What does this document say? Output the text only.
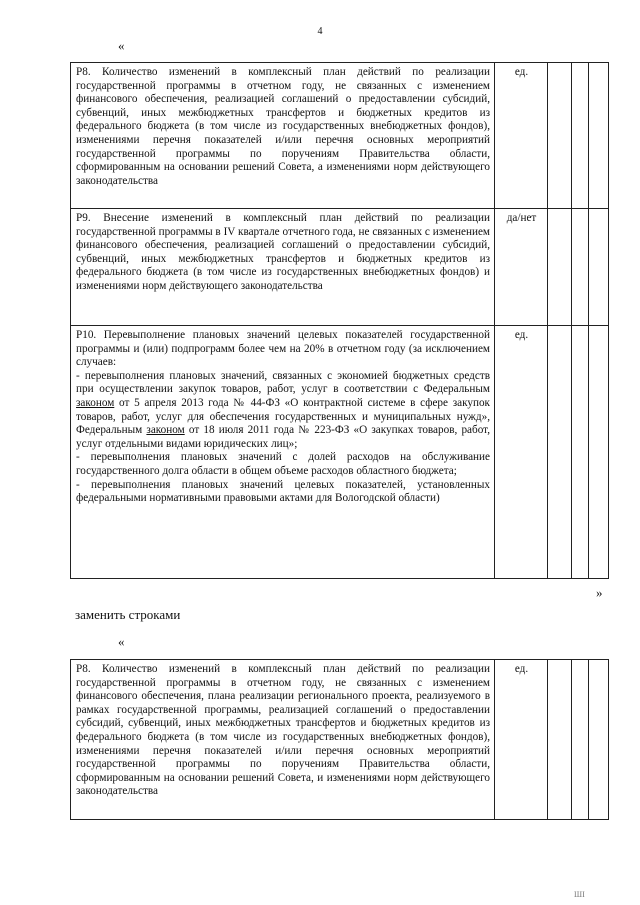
4
«
Р8. Количество изменений в комплексный план действий по реализации государственной программы в отчетном году, не связанных с изменением финансового обеспечения, реализацией соглашений о предоставлении субсидий, субвенций, иных межбюджетных трансфертов и бюджетных кредитов из федерального бюджета (в том числе из государственных внебюджетных фондов), изменениями перечня показателей и/или перечня основных мероприятий государственной программы по поручениям Правительства области, сформированным на основании решений Совета, а изменениями норм действующего законодательства	ед.			
Р9. Внесение изменений в комплексный план действий по реализации государственной программы в IV квартале отчетного года, не связанных с изменением финансового обеспечения, реализацией соглашений о предоставлении субсидий, субвенций, иных межбюджетных трансфертов и бюджетных кредитов из федерального бюджета (в том числе из государственных внебюджетных фондов) и изменениями норм действующего законодательства	да/нет			

Р10. Перевыполнение плановых значений целевых показателей государственной программы и (или) подпрограмм более чем на 20% в отчетном году (за исключением случаев:
- перевыполнения плановых значений, связанных с экономией бюджетных средств при осуществлении закупок товаров, работ, услуг в соответствии с Федеральным законом от 5 апреля 2013 года № 44-ФЗ «О контрактной системе в сфере закупок товаров, работ, услуг для обеспечения государственных и муниципальных нужд», Федеральным законом от 18 июля 2011 года № 223-ФЗ «О закупках товаров, работ, услуг отдельными видами юридических лиц»;
- перевыполнения плановых значений с долей расходов на обслуживание государственного долга области в общем объеме расходов областного бюджета;
- перевыполнения плановых значений целевых показателей, установленных федеральными нормативными правовыми актами для Вологодской области)	ед.			
»
заменить строками
«
Р8. Количество изменений в комплексный план действий по реализации государственной программы в отчетном году, не связанных с изменением финансового обеспечения, плана реализации регионального проекта, реализуемого в рамках государственной программы, реализацией соглашений о предоставлении субсидий, субвенций, иных межбюджетных трансфертов и бюджетных кредитов из федерального бюджета (в том числе из государственных внебюджетных фондов), изменениями перечня показателей и/или перечня основных мероприятий государственной программы по поручениям Правительства области, сформированным на основании решений Совета, и изменениями норм действующего законодательства	ед.			
ШI
